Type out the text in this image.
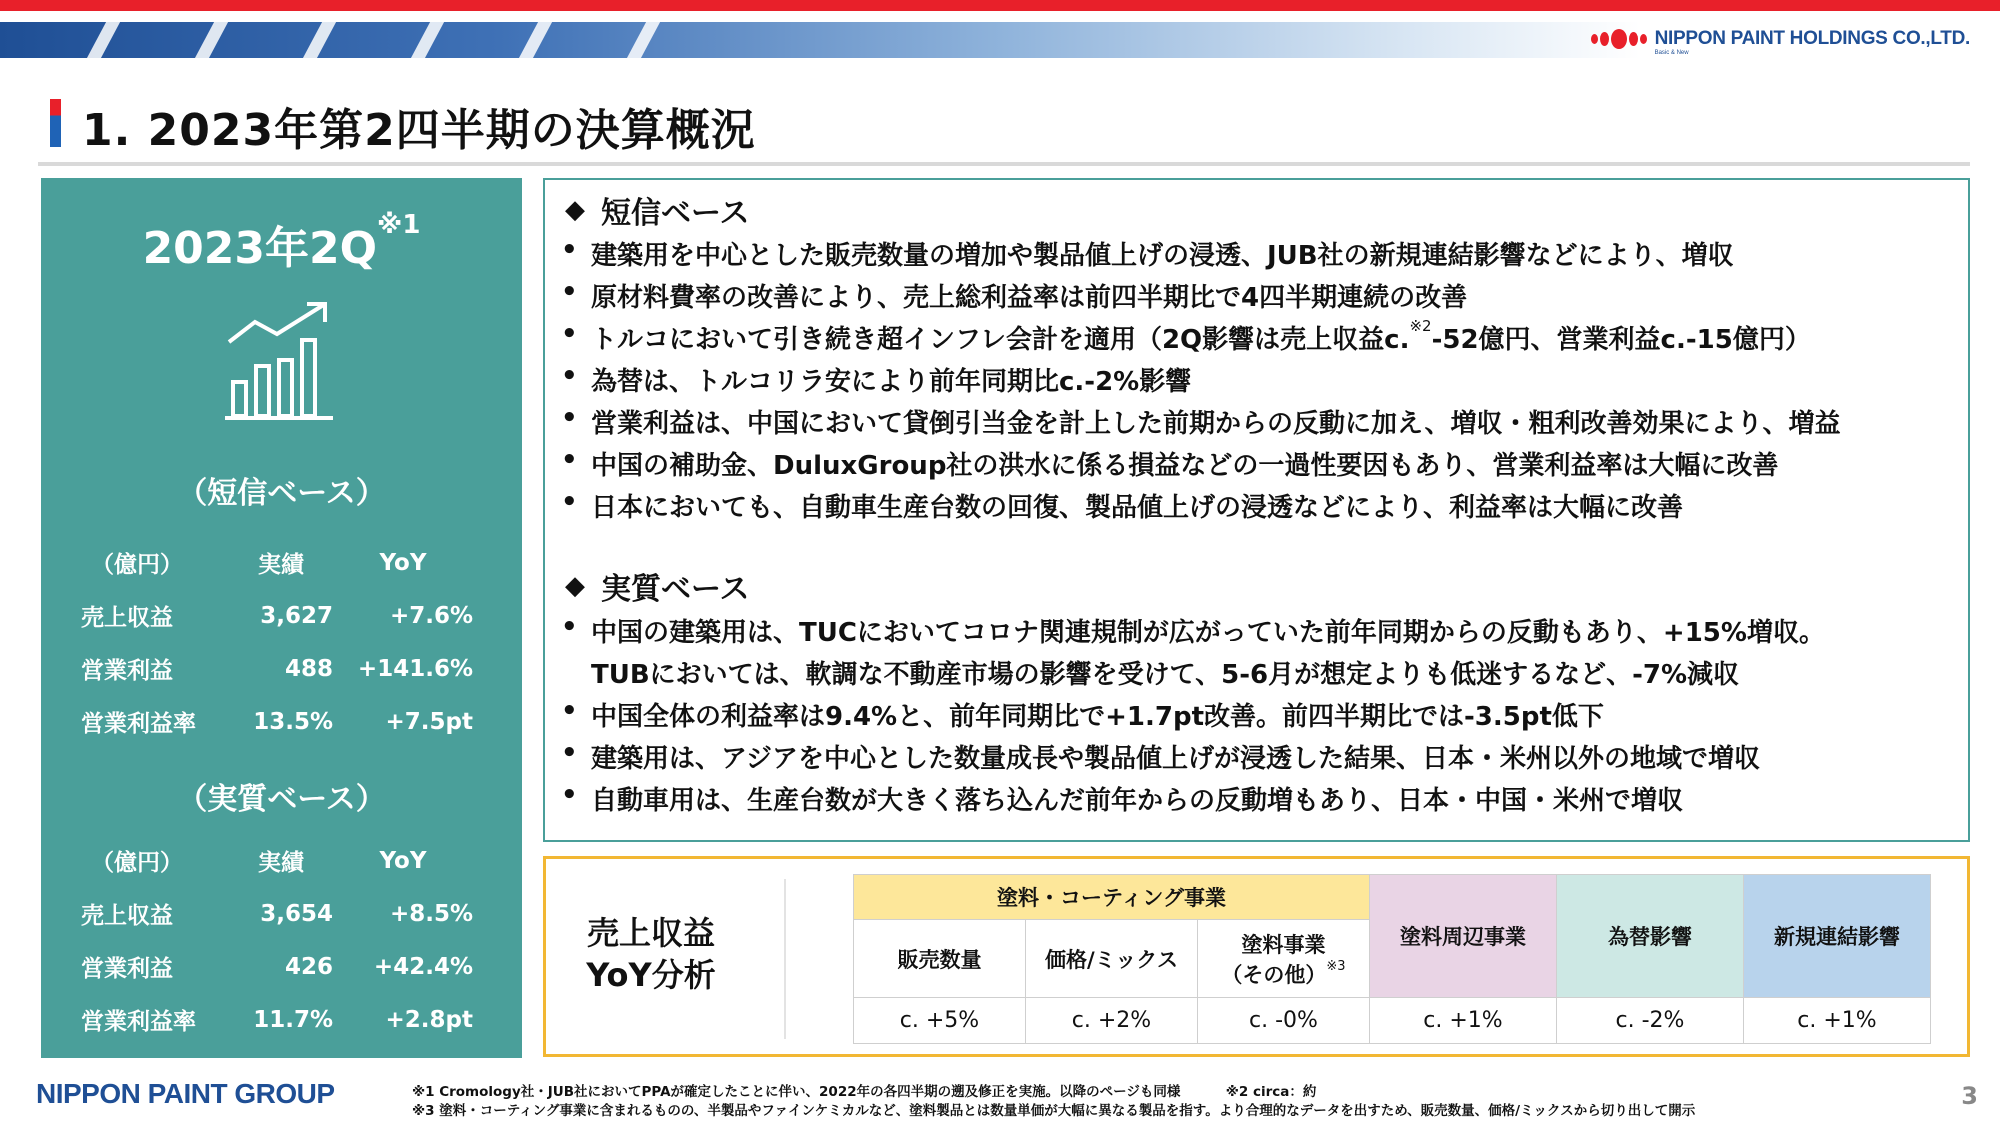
NIPPON PAINT HOLDINGS CO.,LTD.
Basic & New
1. 2023年第2四半期の決算概況
2023年$2Q^{※1}$
（短信ベース）
（億円）	実績	YoY
売上収益	3,627	+7.6%
営業利益	488	+141.6%
営業利益率	13.5%	+7.5pt
（実質ベース）
（億円）	実績	YoY
売上収益	3,654	+8.5%
営業利益	426	+42.4%
営業利益率	11.7%	+2.8pt
◆ 短信ベース
• 建築用を中心とした販売数量の増加や製品値上げの浸透、JUB社の新規連結影響などにより、増収
• 原材料費率の改善により、売上総利益率は前四半期比で4四半期連続の改善
• トルコにおいて引き続き超インフレ会計を適用（2Q影響は売上収益c.$^{※2}$ -52億円、営業利益c.-15億円）
• 為替は、トルコリラ安により前年同期比c.-2%影響
• 営業利益は、中国において貸倒引当金を計上した前期からの反動に加え、増収・粗利改善効果により、増益
• 中国の補助金、DuluxGroup社の洪水に係る損益などの一過性要因もあり、営業利益率は大幅に改善
• 日本においても、自動車生産台数の回復、製品値上げの浸透などにより、利益率は大幅に改善
◆ 実質ベース
• 中国の建築用は、TUCにおいてコロナ関連規制が広がっていた前年同期からの反動もあり、+15%増収。
TUBにおいては、軟調な不動産市場の影響を受けて、5-6月が想定よりも低迷するなど、-7%減収
• 中国全体の利益率は9.4%と、前年同期比で+1.7pt改善。前四半期比では-3.5pt低下
• 建築用は、アジアを中心とした数量成長や製品値上げが浸透した結果、日本・米州以外の地域で増収
• 自動車用は、生産台数が大きく落ち込んだ前年からの反動増もあり、日本・中国・米州で増収
売上収益
YoY分析
塗料・コーティング事業			塗料周辺事業	為替影響	新規連結影響
販売数量	価格/ミックス	塗料事業
（その他）$^{※3}$

c. +5%	c. +2%	c. -0%	c. +1%	c. -2%	c. +1%
NIPPON PAINT GROUP	※1 Cromology社・JUB社においてPPAが確定したことに伴い、2022年の各四半期の遡及修正を実施。以降のページも同様	※2 circa：約
※3 塗料・コーティング事業に含まれるものの、半製品やファインケミカルなど、塗料製品とは数量単価が大幅に異なる製品を指す。より合理的なデータを出すため、販売数量、価格/ミックスから切り出して開示
3
